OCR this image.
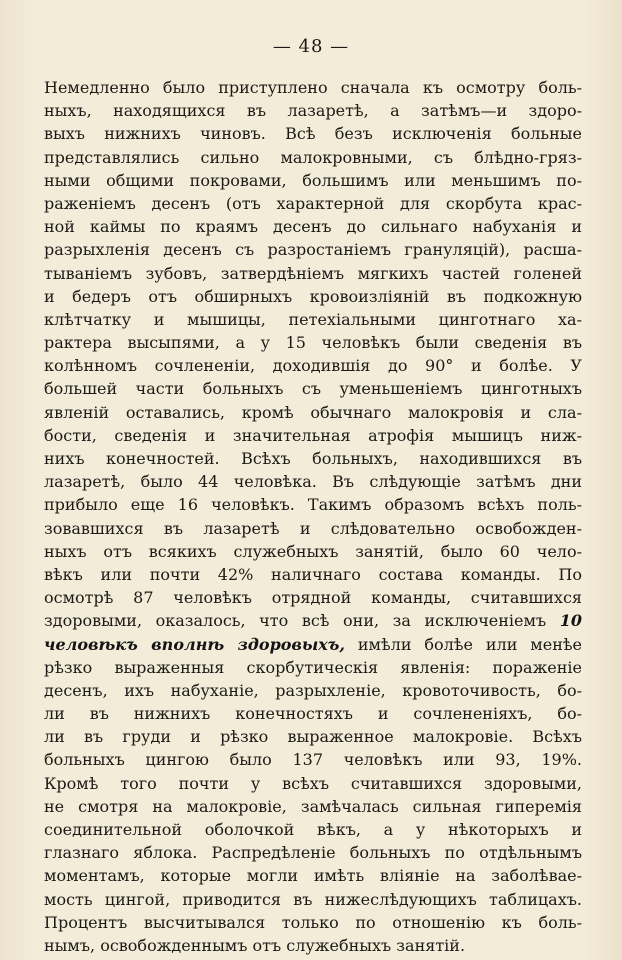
— 48 —
Немедленно было приступлено сначала къ осмотру боль-
ныхъ, находящихся въ лазаретѣ, а затѣмъ—и здоро-
выхъ нижнихъ чиновъ. Всѣ безъ исключенія больные
представлялись сильно малокровными, съ блѣдно-гряз-
ными общими покровами, большимъ или меньшимъ по-
раженіемъ деcенъ (отъ характерной для скорбута крас-
ной каймы по краямъ деcенъ до сильнаго набуханія и
разрыхленія деcенъ съ разростаніемъ грануляцій), расша-
тываніемъ зубовъ, затвердѣніемъ мягкихъ частей голеней
и бедеръ отъ обширныхъ кровоизліяній въ подкожную
клѣтчатку и мышицы, петехіальными цинготнаго ха-
рактера высыпями, а у 15 человѣкъ были сведенія въ
колѣнномъ сочлененіи, доходившія до 90° и болѣе. У
большей части больныхъ съ уменьшеніемъ цинготныхъ
явленій оставались, кромѣ обычнаго малокровія и сла-
бости, сведенія и значительная атрофія мышицъ ниж-
нихъ конечностей. Всѣхъ больныхъ, находившихся въ
лазаретѣ, было 44 человѣка. Въ слѣдующіе затѣмъ дни
прибыло еще 16 человѣкъ. Такимъ образомъ всѣхъ поль-
зовавшихся въ лазаретѣ и слѣдовательно освобожден-
ныхъ отъ всякихъ служебныхъ занятій, было 60 чело-
вѣкъ или почти 42% наличнаго состава команды. По
осмотрѣ 87 человѣкъ отрядной команды, считавшихся
здоровыми, оказалось, что всѣ они, за исключеніемъ 10
человѣкъ вполнѣ здоровыхъ, имѣли болѣе или менѣе
рѣзко выраженныя скорбутическія явленія: пораженіе
деcенъ, ихъ набуханіе, разрыхленіе, кровоточивость, бо-
ли въ нижнихъ конечностяхъ и сочлененіяхъ, бо-
ли въ груди и рѣзко выраженное малокровіе. Всѣхъ
больныхъ цингою было 137 человѣкъ или 93, 19%.
Кромѣ того почти у всѣхъ считавшихся здоровыми,
не смотря на малокровіе, замѣчалась сильная гиперемія
соединительной оболочкой вѣкъ, а у нѣкоторыхъ и
глазнаго яблока. Распредѣленіе больныхъ по отдѣльнымъ
моментамъ, которые могли имѣть вліяніе на заболѣвае-
мость цингой, приводится въ нижеслѣдующихъ таблицахъ.
Процентъ высчитывался только по отношенію къ боль-
нымъ, освобожденнымъ отъ служебныхъ занятій.
